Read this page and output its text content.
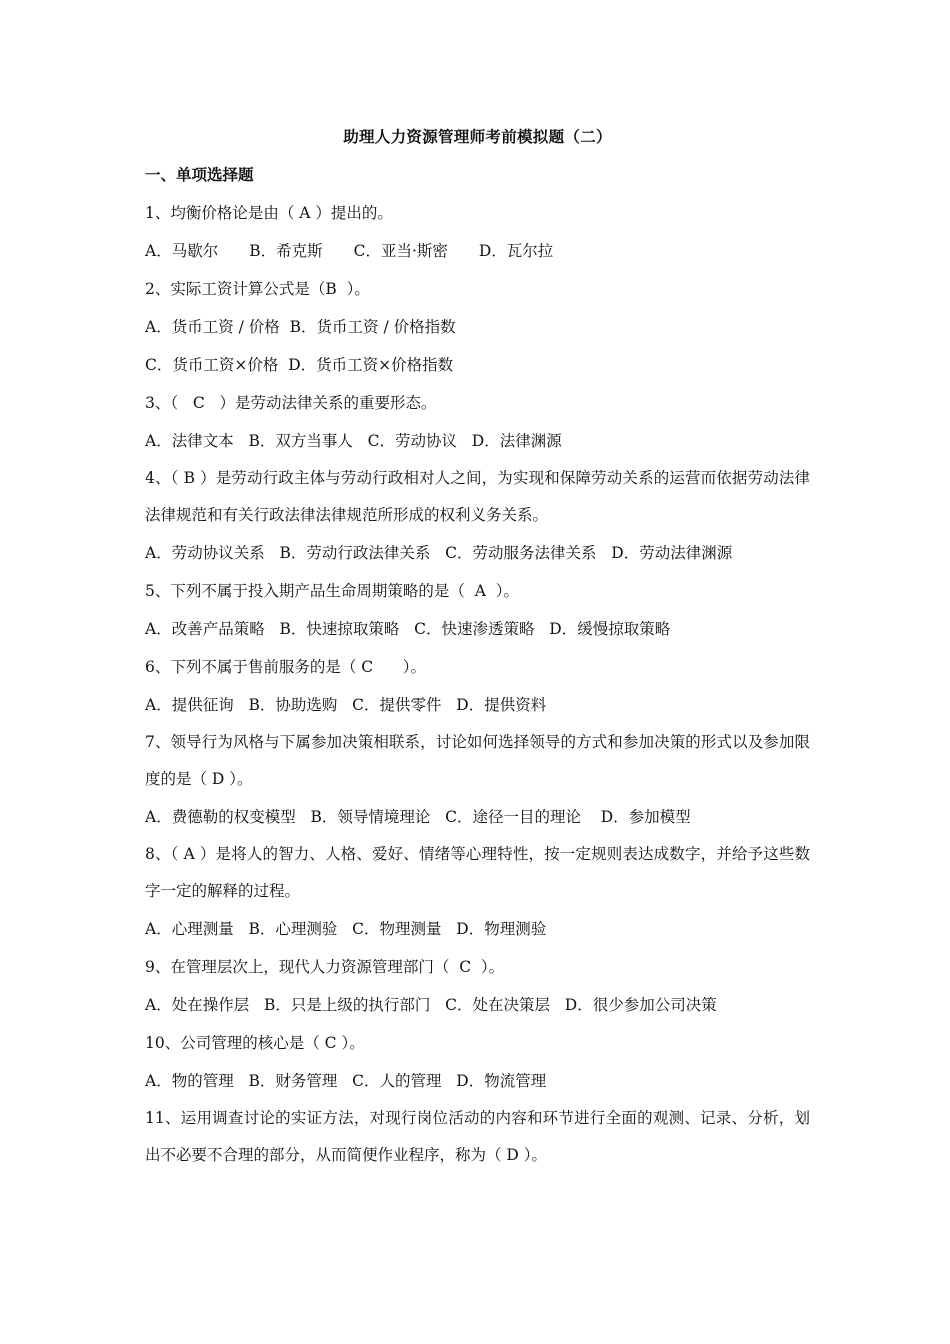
助理人力资源管理师考前模拟题（二）
一、单项选择题
1、均衡价格论是由（ A ）提出的。
A．马歇尔　　B．希克斯　　C．亚当·斯密　　D．瓦尔拉
2、实际工资计算公式是（B  ）。
A．货币工资 / 价格  B．货币工资 / 价格指数
C．货币工资×价格  D．货币工资×价格指数
3、（   C   ）是劳动法律关系的重要形态。
A．法律文本   B．双方当事人   C．劳动协议   D．法律渊源
4、（ B ）是劳动行政主体与劳动行政相对人之间，为实现和保障劳动关系的运营而依据劳动法律法律规范和有关行政法律法律规范所形成的权利义务关系。
A．劳动协议关系   B．劳动行政法律关系   C．劳动服务法律关系   D．劳动法律渊源
5、下列不属于投入期产品生命周期策略的是（  A  ）。
A．改善产品策略   B．快速掠取策略   C．快速渗透策略   D．缓慢掠取策略
6、下列不属于售前服务的是（ C      ）。
A．提供征询   B．协助选购   C．提供零件   D．提供资料
7、领导行为风格与下属参加决策相联系，讨论如何选择领导的方式和参加决策的形式以及参加限度的是（ D ）。
A．费德勒的权变模型   B．领导情境理论   C．途径一目的理论    D．参加模型
8、（ A ）是将人的智力、人格、爱好、情绪等心理特性，按一定规则表达成数字，并给予这些数字一定的解释的过程。
A．心理测量   B．心理测验   C．物理测量   D．物理测验
9、在管理层次上，现代人力资源管理部门（  C  ）。
A．处在操作层   B．只是上级的执行部门   C．处在决策层   D．很少参加公司决策
10、公司管理的核心是（ C ）。
A．物的管理   B．财务管理   C．人的管理   D．物流管理
11、运用调查讨论的实证方法，对现行岗位活动的内容和环节进行全面的观测、记录、分析，划出不必要不合理的部分，从而简便作业程序，称为（ D ）。
